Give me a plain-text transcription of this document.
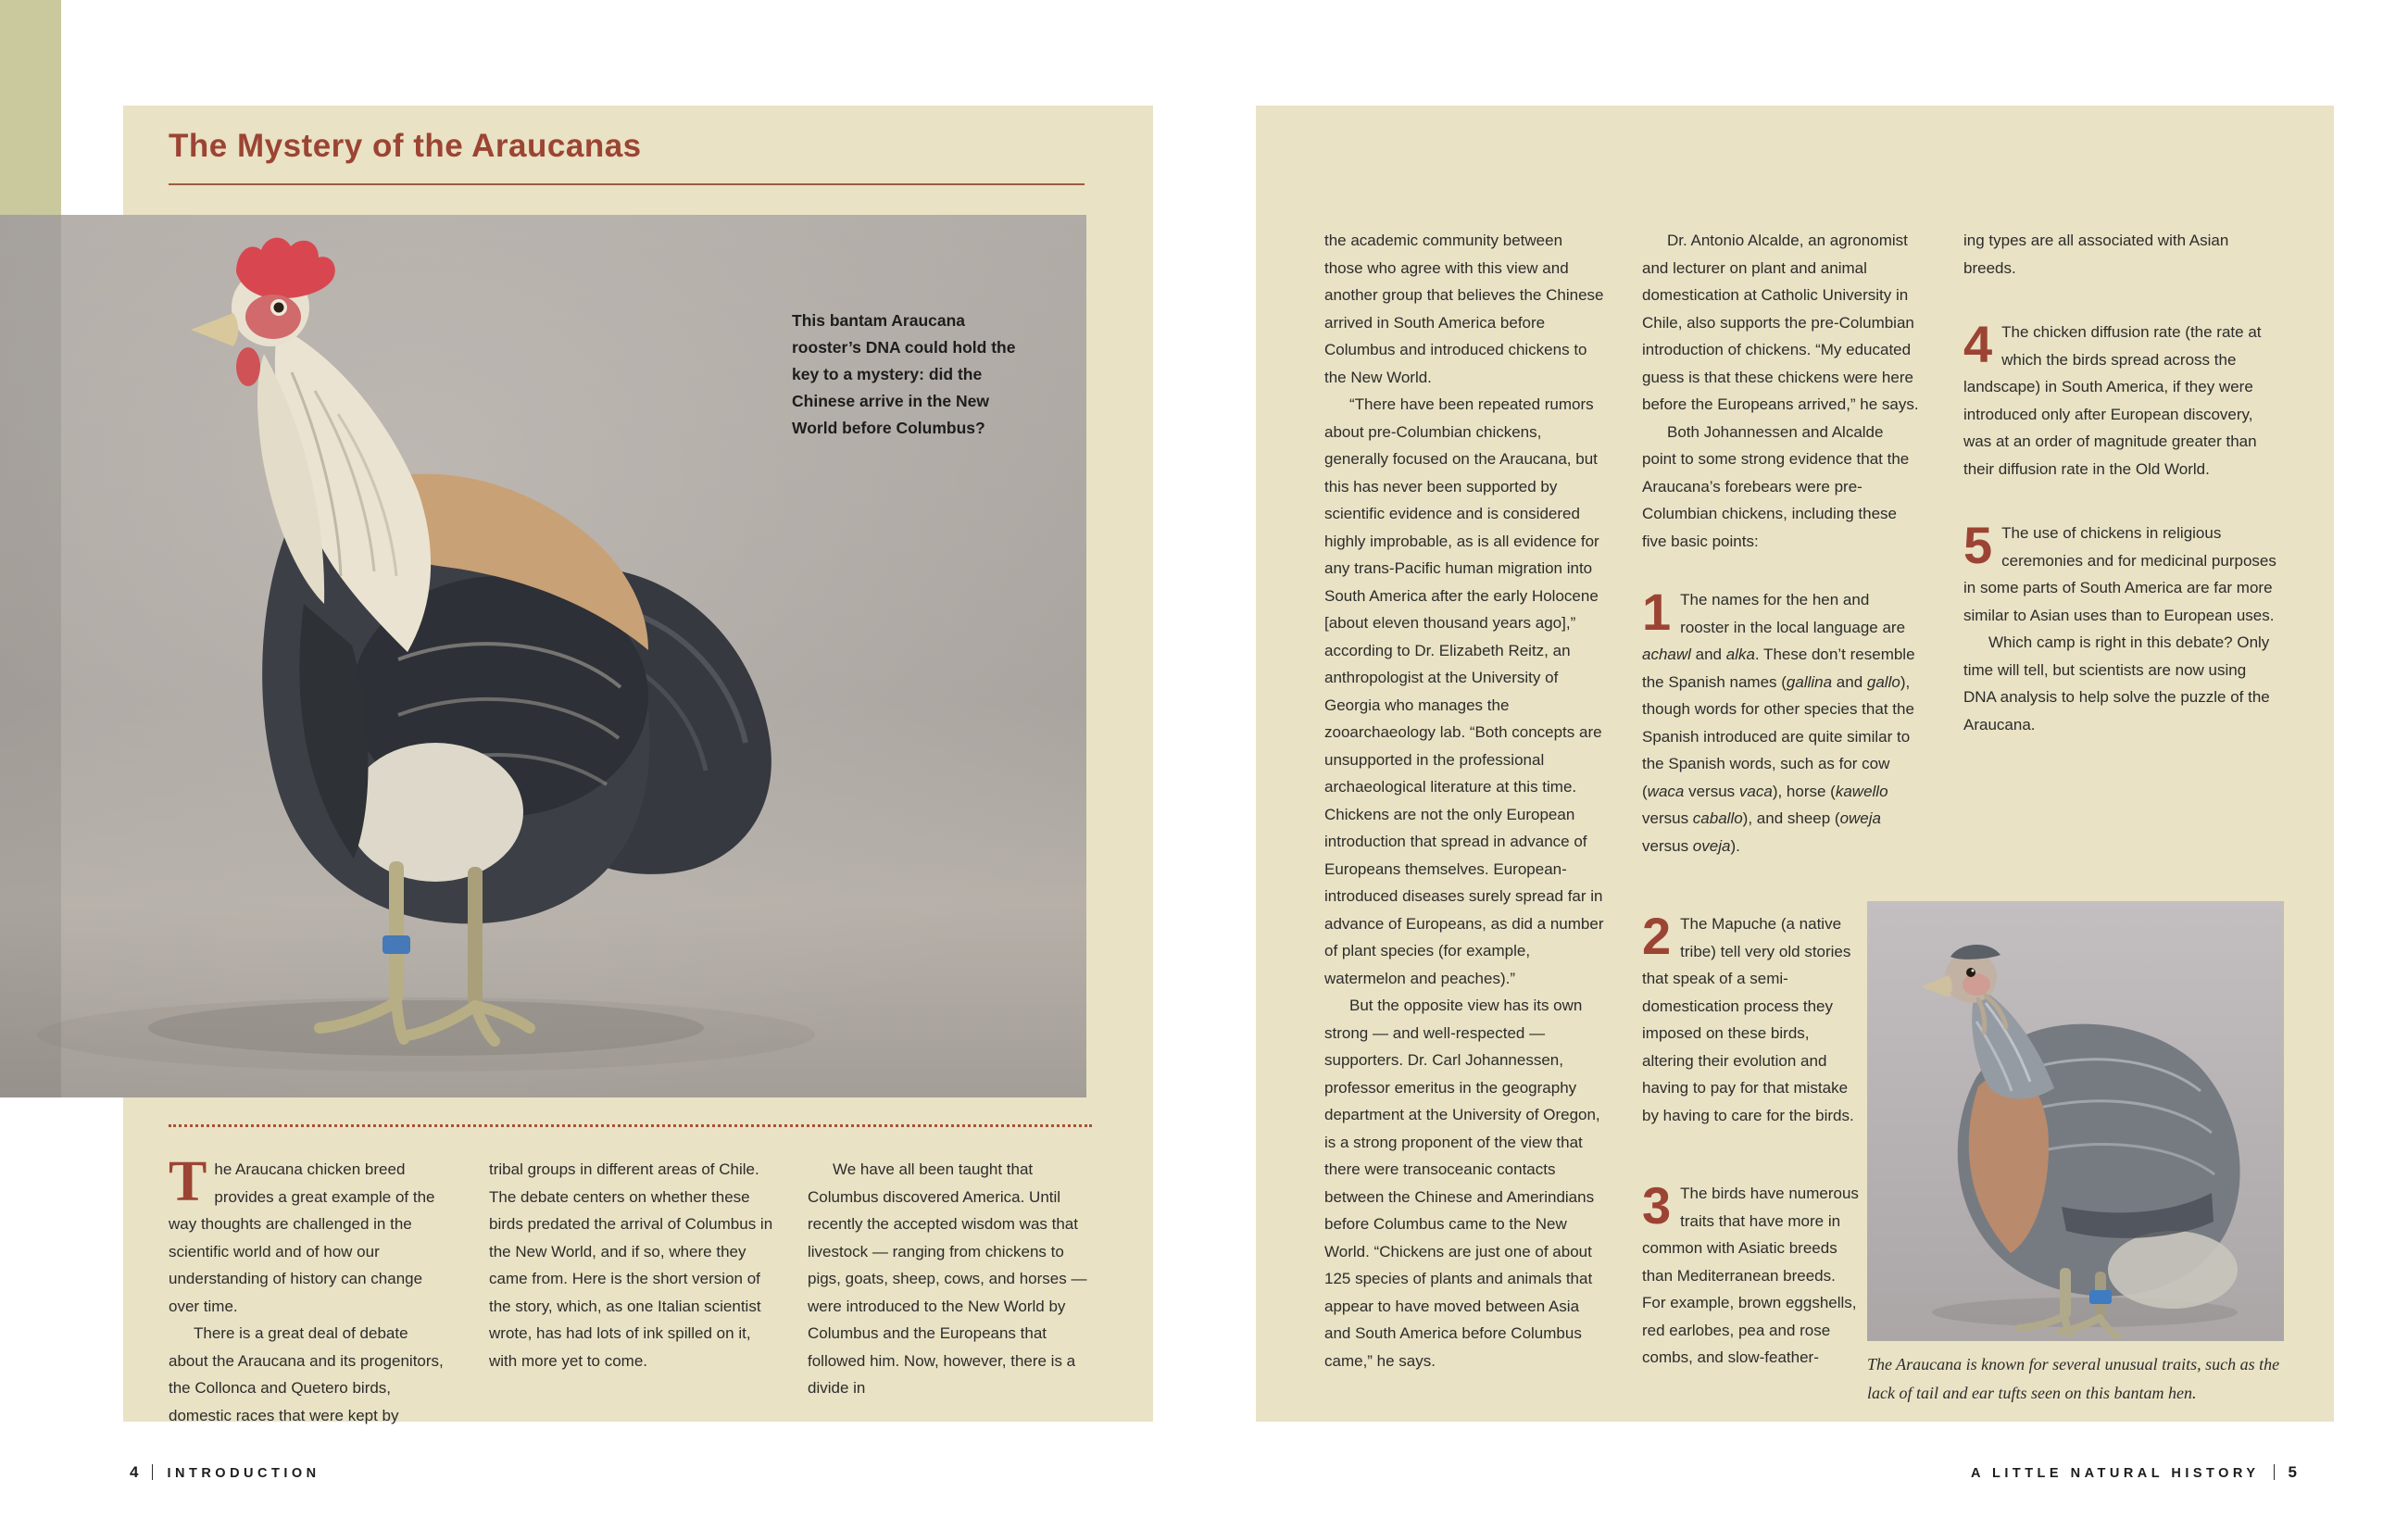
The Mystery of the Araucanas

The Araucana chicken breed provides a great example of the way thoughts are challenged in the scientific world and of how our understanding of history can change over time.

There is a great deal of debate about the Araucana and its progenitors, the Collonca and Quetero birds, domestic races that were kept by

tribal groups in different areas of Chile. The debate centers on whether these birds predated the arrival of Columbus in the New World, and if so, where they came from. Here is the short version of the story, which, as one Italian scientist wrote, has had lots of ink spilled on it, with more yet to come.

We have all been taught that Columbus discovered America. Until recently the accepted wisdom was that livestock — ranging from chickens to pigs, goats, sheep, cows, and horses — were introduced to the New World by Columbus and the Europeans that followed him. Now, however, there is a divide in

This bantam Araucana rooster’s DNA could hold the key to a mystery: did the Chinese arrive in the New World before Columbus?

the academic community between those who agree with this view and another group that believes the Chinese arrived in South America before Columbus and introduced chickens to the New World.

“There have been repeated rumors about pre-Columbian chickens, generally focused on the Araucana, but this has never been supported by scientific evidence and is considered highly improbable, as is all evidence for any trans-Pacific human migration into South America after the early Holocene [about eleven thousand years ago],” according to Dr. Elizabeth Reitz, an anthropologist at the University of Georgia who manages the zooarchaeology lab. “Both concepts are unsupported in the professional archaeological literature at this time. Chickens are not the only European introduction that spread in advance of Europeans themselves. European-introduced diseases surely spread far in advance of Europeans, as did a number of plant species (for example, watermelon and peaches).”

But the opposite view has its own strong — and well-respected — supporters. Dr. Carl Johannessen, professor emeritus in the geography department at the University of Oregon, is a strong proponent of the view that there were transoceanic contacts between the Chinese and Amerindians before Columbus came to the New World. “Chickens are just one of about 125 species of plants and animals that appear to have moved between Asia and South America before Columbus came,” he says.

Dr. Antonio Alcalde, an agronomist and lecturer on plant and animal domestication at Catholic University in Chile, also supports the pre-Columbian introduction of chickens. “My educated guess is that these chickens were here before the Europeans arrived,” he says.

Both Johannessen and Alcalde point to some strong evidence that the Araucana’s forebears were pre-Columbian chickens, including these five basic points:

1 The names for the hen and rooster in the local language are achawl and alka. These don’t resemble the Spanish names (gallina and gallo), though words for other species that the Spanish introduced are quite similar to the Spanish words, such as for cow (waca versus vaca), horse (kawello versus caballo), and sheep (oweja versus oveja).
2 The Mapuche (a native tribe) tell very old stories that speak of a semi-domestication process they imposed on these birds, altering their evolution and having to pay for that mistake by having to care for the birds.
3 The birds have numerous traits that have more in common with Asiatic breeds than Mediterranean breeds. For example, brown eggshells, red earlobes, pea and rose combs, and slow-feather-

ing types are all associated with Asian breeds.

4 The chicken diffusion rate (the rate at which the birds spread across the landscape) in South America, if they were introduced only after European discovery, was at an order of magnitude greater than their diffusion rate in the Old World.
5 The use of chickens in religious ceremonies and for medicinal purposes in some parts of South America are far more similar to Asian uses than to European uses.

Which camp is right in this debate? Only time will tell, but scientists are now using DNA analysis to help solve the puzzle of the Araucana.

The Araucana is known for several unusual traits, such as the lack of tail and ear tufts seen on this bantam hen.
4 INTRODUCTION	A LITTLE NATURAL HISTORY 5
